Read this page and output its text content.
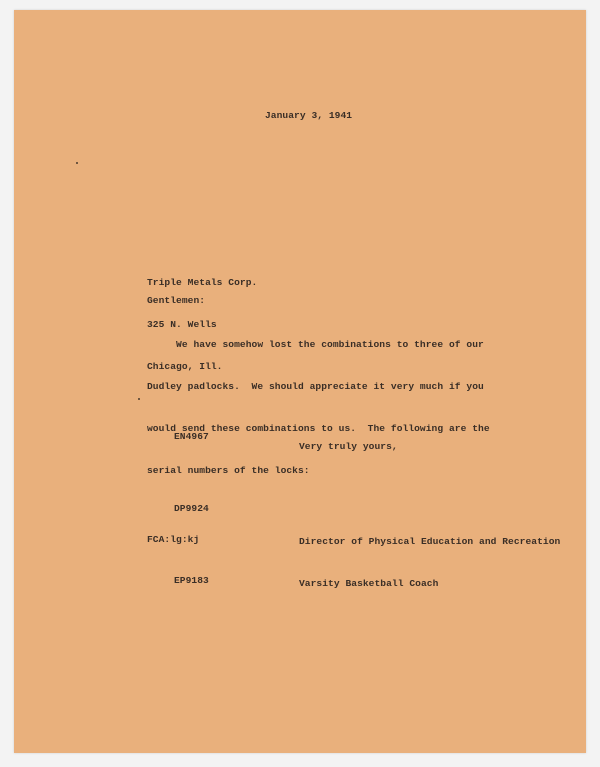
January 3, 1941

Triple Metals Corp.

325 N. Wells

Chicago, Ill.

Gentlemen:

We have somehow lost the combinations to three of our

Dudley padlocks.  We should appreciate it very much if you

would send these combinations to us.  The following are the

serial numbers of the locks:

EN4967

DP9924

EP9183

Very truly yours,

Director of Physical Education and Recreation

Varsity Basketball Coach

FCA:lg:kj
